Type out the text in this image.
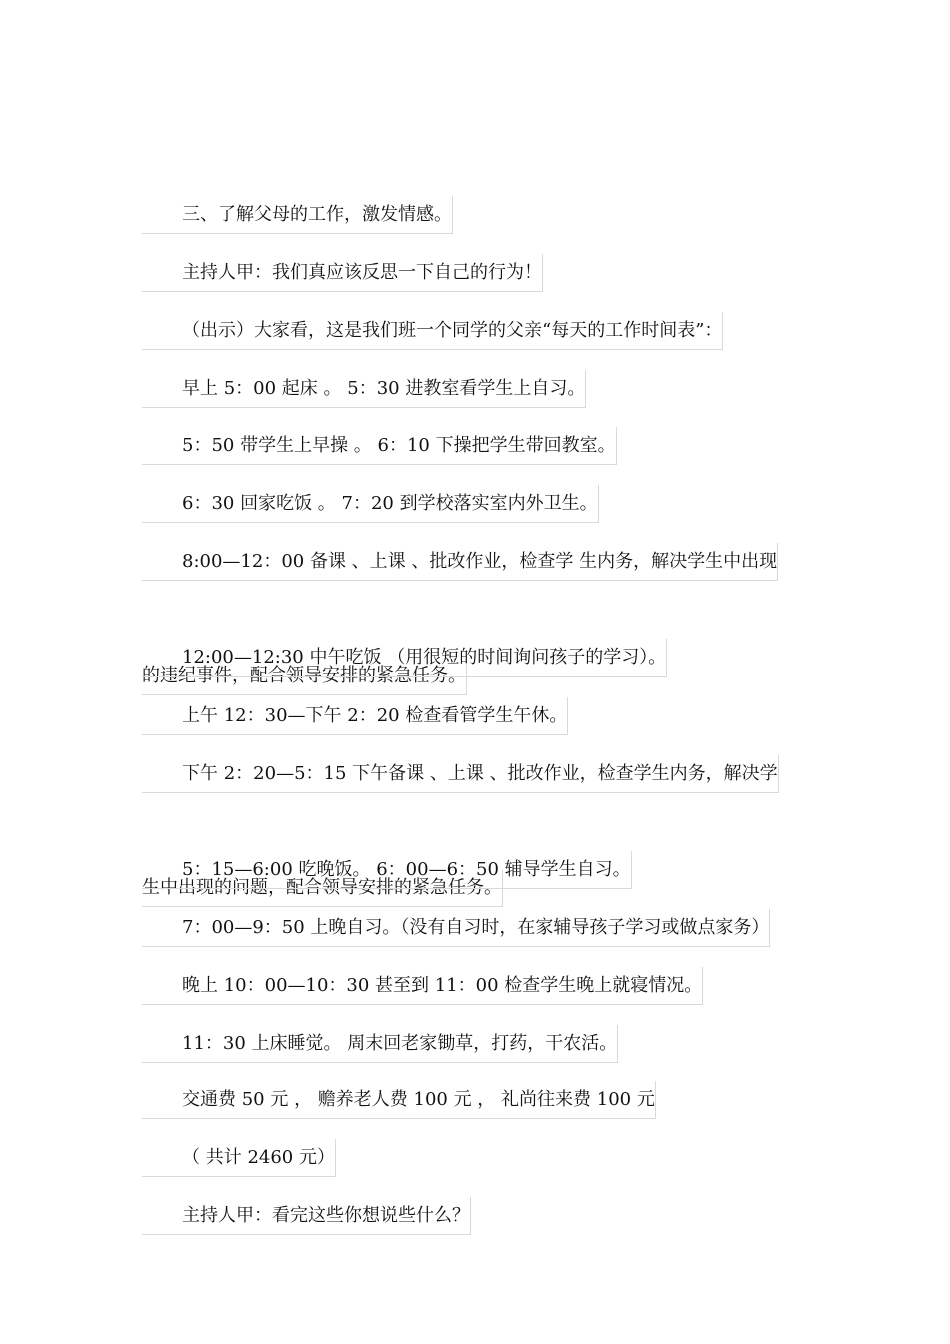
三、了解父母的工作，激发情感。

主持人甲：我们真应该反思一下自己的行为！

（出示）大家看，这是我们班一个同学的父亲“每天的工作时间表”：

早上 5：00 起床 。 5：30 进教室看学生上自习。

5：50 带学生上早操 。 6：10 下操把学生带回教室。

6：30 回家吃饭 。 7：20 到学校落实室内外卫生。

8:00—12：00 备课 、上课 、批改作业，检查学 生内务，解决学生中出现

的违纪事件，配合领导安排的紧急任务。

12:00—12:30 中午吃饭 （用很短的时间询问孩子的学习）。

上午 12：30—下午 2：20 检查看管学生午休。

下午 2：20—5：15 下午备课 、上课 、批改作业，检查学生内务，解决学

生中出现的问题，配合领导安排的紧急任务。

5：15—6:00 吃晚饭。 6：00—6：50 辅导学生自习。

7：00—9：50 上晚自习。（没有自习时，在家辅导孩子学习或做点家务）

晚上 10：00—10：30 甚至到 11：00 检查学生晚上就寝情况。

11：30 上床睡觉。 周末回老家锄草，打药，干农活。

交通费 50 元 ， 赡养老人费 100 元 ， 礼尚往来费 100 元

（ 共计 2460 元）

主持人甲：看完这些你想说些什么？
